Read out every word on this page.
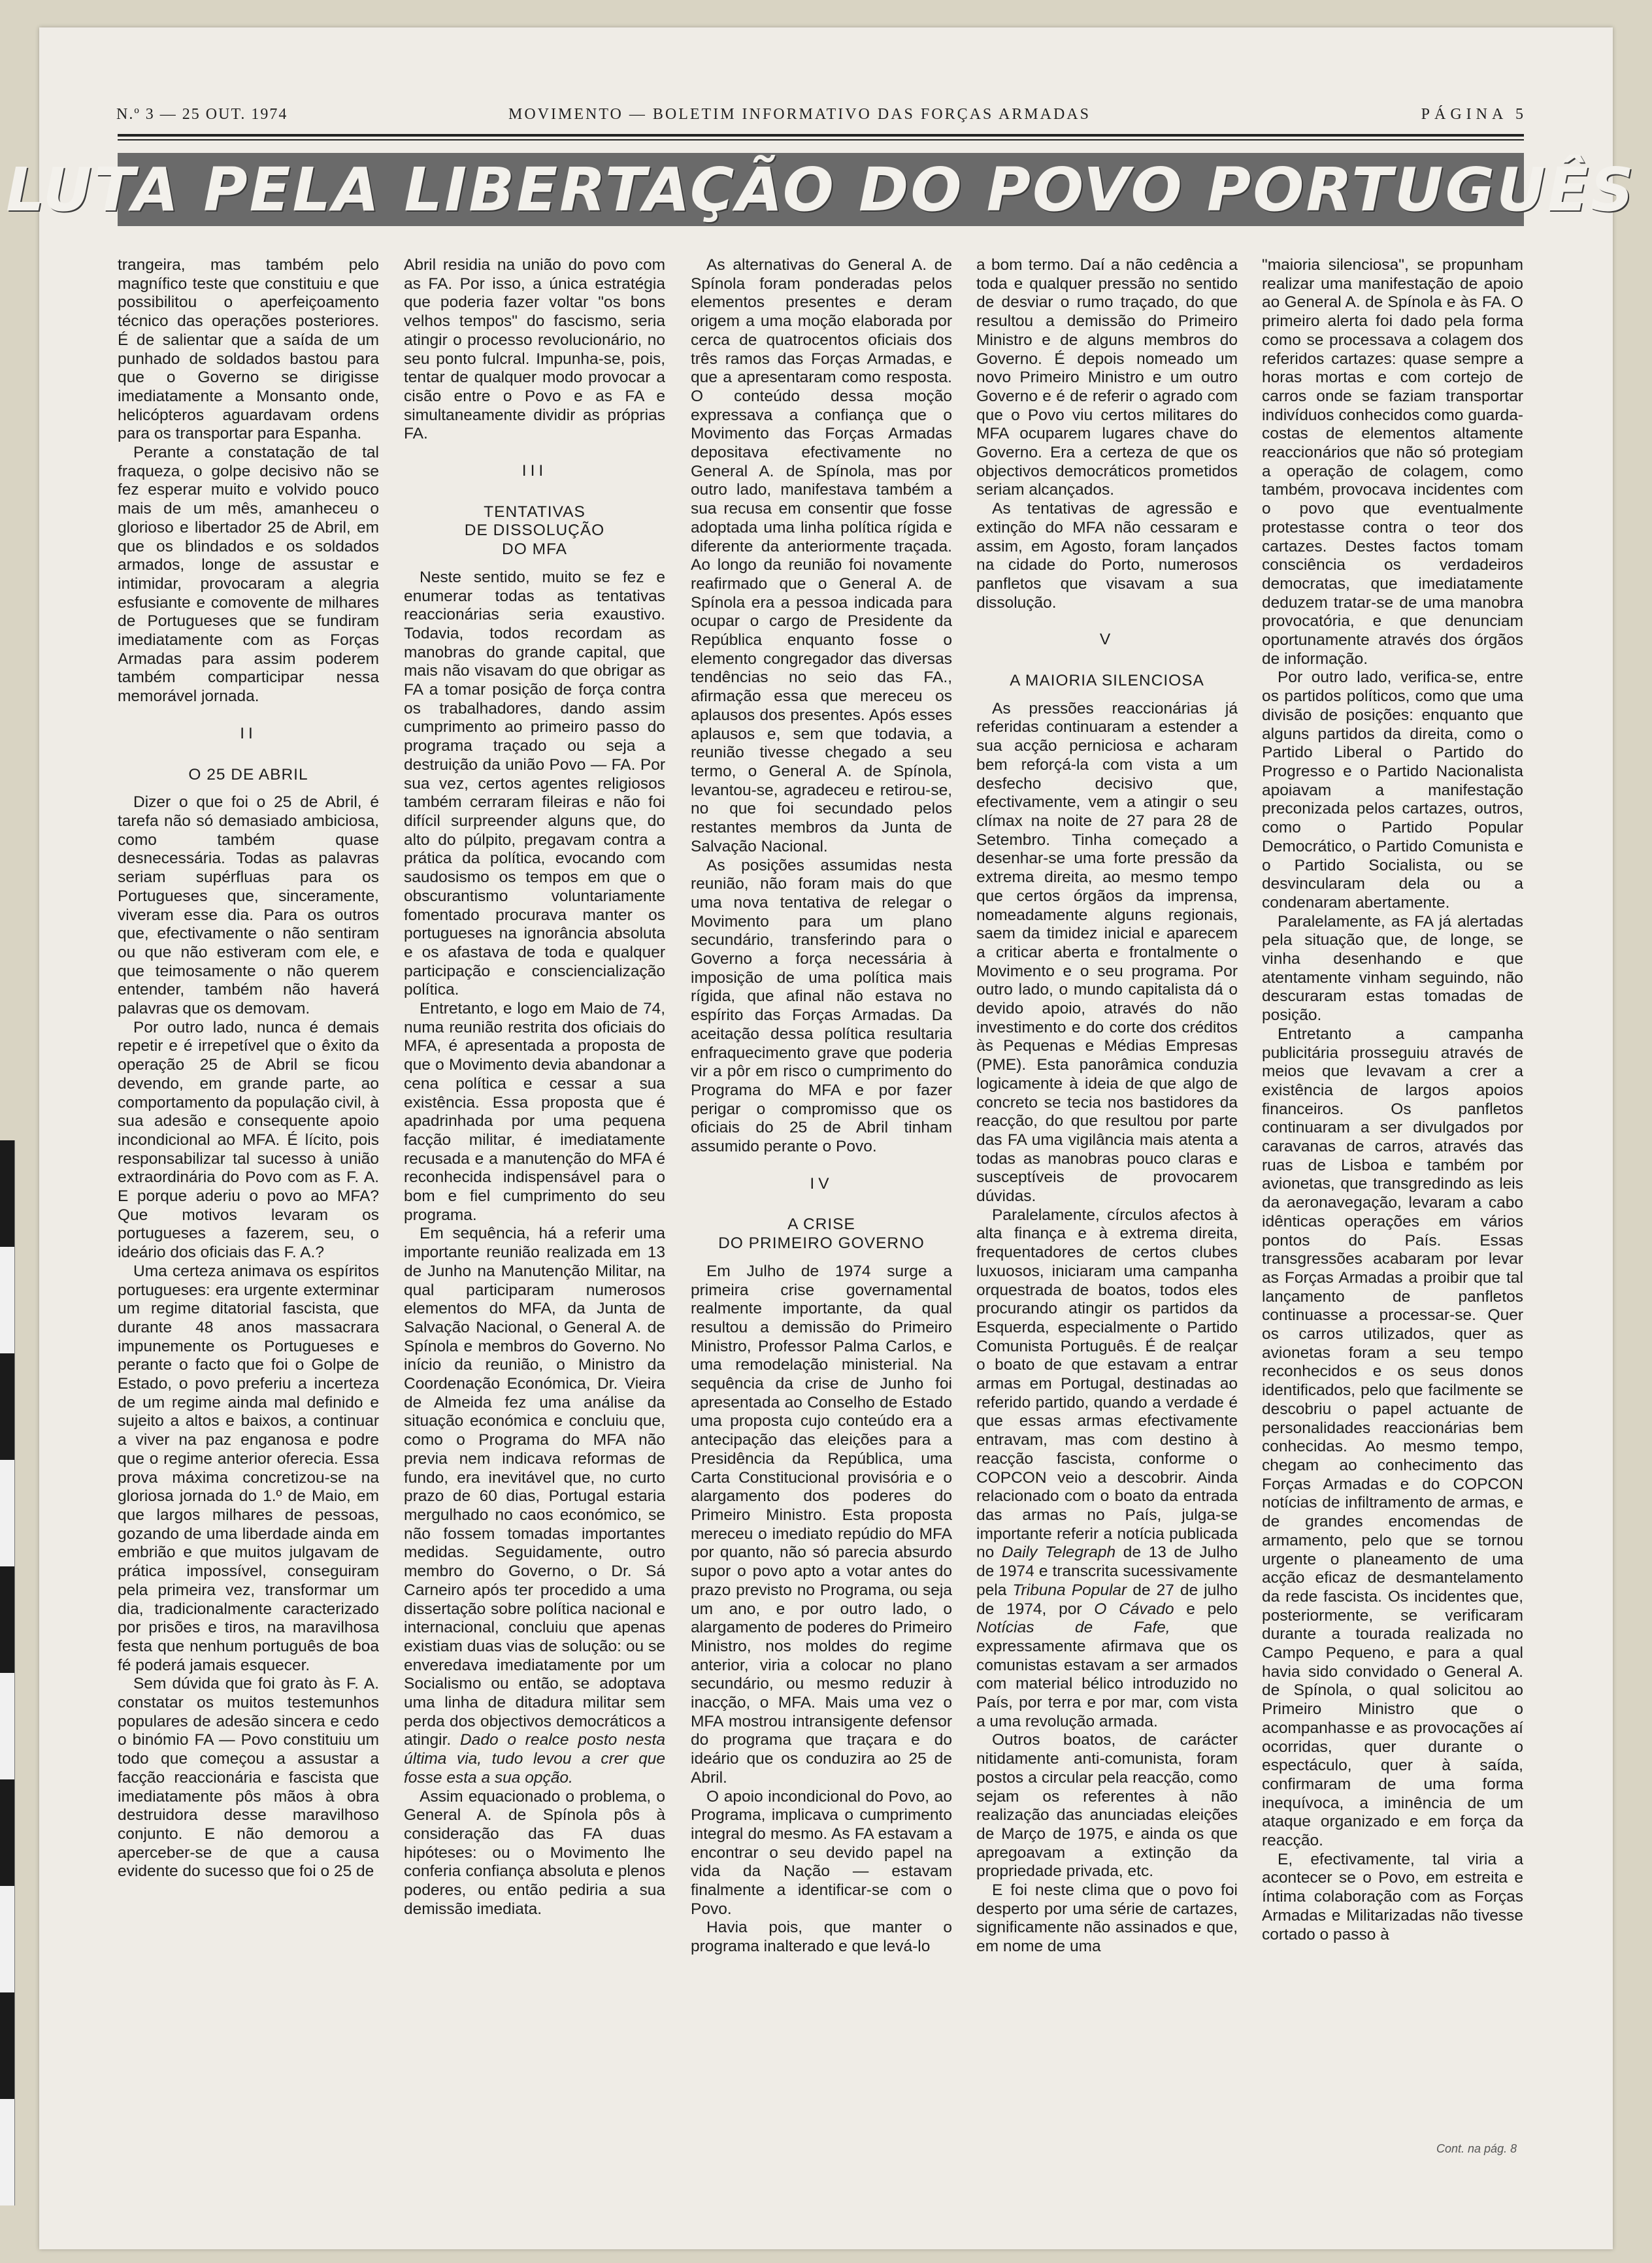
N.º 3 — 25 OUT. 1974	MOVIMENTO — BOLETIM INFORMATIVO DAS FORÇAS ARMADAS	PÁGINA 5
LUTA PELA LIBERTAÇÃO DO POVO PORTUGUÊS

trangeira, mas também pelo magnífico teste que constituiu e que possibilitou o aperfeiçoamento técnico das operações posteriores. É de salientar que a saída de um punhado de soldados bastou para que o Governo se dirigisse imediatamente a Monsanto onde, helicópteros aguardavam ordens para os transportar para Espanha.

Perante a constatação de tal fraqueza, o golpe decisivo não se fez esperar muito e volvido pouco mais de um mês, amanheceu o glorioso e libertador 25 de Abril, em que os blindados e os soldados armados, longe de assustar e intimidar, provocaram a alegria esfusiante e comovente de milhares de Portugueses que se fundiram imediatamente com as Forças Armadas para assim poderem também comparticipar nessa memorável jornada.

II
O 25 DE ABRIL

Dizer o que foi o 25 de Abril, é tarefa não só demasiado ambiciosa, como também quase desnecessária. Todas as palavras seriam supérfluas para os Portugueses que, sinceramente, viveram esse dia. Para os outros que, efectivamente o não sentiram ou que não estiveram com ele, e que teimosamente o não querem entender, também não haverá palavras que os demovam.

Por outro lado, nunca é demais repetir e é irrepetível que o êxito da operação 25 de Abril se ficou devendo, em grande parte, ao comportamento da população civil, à sua adesão e consequente apoio incondicional ao MFA. É lícito, pois responsabilizar tal sucesso à união extraordinária do Povo com as F. A. E porque aderiu o povo ao MFA? Que motivos levaram os portugueses a fazerem, seu, o ideário dos oficiais das F. A.?

Uma certeza animava os espíritos portugueses: era urgente exterminar um regime ditatorial fascista, que durante 48 anos massacrara impunemente os Portugueses e perante o facto que foi o Golpe de Estado, o povo preferiu a incerteza de um regime ainda mal definido e sujeito a altos e baixos, a continuar a viver na paz enganosa e podre que o regime anterior oferecia. Essa prova máxima concretizou-se na gloriosa jornada do 1.º de Maio, em que largos milhares de pessoas, gozando de uma liberdade ainda em embrião e que muitos julgavam de prática impossível, conseguiram pela primeira vez, transformar um dia, tradicionalmente caracterizado por prisões e tiros, na maravilhosa festa que nenhum português de boa fé poderá jamais esquecer.

Sem dúvida que foi grato às F. A. constatar os muitos testemunhos populares de adesão sincera e cedo o binómio FA — Povo constituiu um todo que começou a assustar a facção reaccionária e fascista que imediatamente pôs mãos à obra destruidora desse maravilhoso conjunto. E não demorou a aperceber-se de que a causa evidente do sucesso que foi o 25 de

Abril residia na união do povo com as FA. Por isso, a única estratégia que poderia fazer voltar "os bons velhos tempos" do fascismo, seria atingir o processo revolucionário, no seu ponto fulcral. Impunha-se, pois, tentar de qualquer modo provocar a cisão entre o Povo e as FA e simultaneamente dividir as próprias FA.

III
TENTATIVAS
DE DISSOLUÇÃO
DO MFA

Neste sentido, muito se fez e enumerar todas as tentativas reaccionárias seria exaustivo. Todavia, todos recordam as manobras do grande capital, que mais não visavam do que obrigar as FA a tomar posição de força contra os trabalhadores, dando assim cumprimento ao primeiro passo do programa traçado ou seja a destruição da união Povo — FA. Por sua vez, certos agentes religiosos também cerraram fileiras e não foi difícil surpreender alguns que, do alto do púlpito, pregavam contra a prática da política, evocando com saudosismo os tempos em que o obscurantismo voluntariamente fomentado procurava manter os portugueses na ignorância absoluta e os afastava de toda e qualquer participação e consciencialização política.

Entretanto, e logo em Maio de 74, numa reunião restrita dos oficiais do MFA, é apresentada a proposta de que o Movimento devia abandonar a cena política e cessar a sua existência. Essa proposta que é apadrinhada por uma pequena facção militar, é imediatamente recusada e a manutenção do MFA é reconhecida indispensável para o bom e fiel cumprimento do seu programa.

Em sequência, há a referir uma importante reunião realizada em 13 de Junho na Manutenção Militar, na qual participaram numerosos elementos do MFA, da Junta de Salvação Nacional, o General A. de Spínola e membros do Governo. No início da reunião, o Ministro da Coordenação Económica, Dr. Vieira de Almeida fez uma análise da situação económica e concluiu que, como o Programa do MFA não previa nem indicava reformas de fundo, era inevitável que, no curto prazo de 60 dias, Portugal estaria mergulhado no caos económico, se não fossem tomadas importantes medidas. Seguidamente, outro membro do Governo, o Dr. Sá Carneiro após ter procedido a uma dissertação sobre política nacional e internacional, concluiu que apenas existiam duas vias de solução: ou se enveredava imediatamente por um Socialismo ou então, se adoptava uma linha de ditadura militar sem perda dos objectivos democráticos a atingir. Dado o realce posto nesta última via, tudo levou a crer que fosse esta a sua opção.

Assim equacionado o problema, o General A. de Spínola pôs à consideração das FA duas hipóteses: ou o Movimento lhe conferia confiança absoluta e plenos poderes, ou então pediria a sua demissão imediata.

As alternativas do General A. de Spínola foram ponderadas pelos elementos presentes e deram origem a uma moção elaborada por cerca de quatrocentos oficiais dos três ramos das Forças Armadas, e que a apresentaram como resposta. O conteúdo dessa moção expressava a confiança que o Movimento das Forças Armadas depositava efectivamente no General A. de Spínola, mas por outro lado, manifestava também a sua recusa em consentir que fosse adoptada uma linha política rígida e diferente da anteriormente traçada. Ao longo da reunião foi novamente reafirmado que o General A. de Spínola era a pessoa indicada para ocupar o cargo de Presidente da República enquanto fosse o elemento congregador das diversas tendências no seio das FA., afirmação essa que mereceu os aplausos dos presentes. Após esses aplausos e, sem que todavia, a reunião tivesse chegado a seu termo, o General A. de Spínola, levantou-se, agradeceu e retirou-se, no que foi secundado pelos restantes membros da Junta de Salvação Nacional.

As posições assumidas nesta reunião, não foram mais do que uma nova tentativa de relegar o Movimento para um plano secundário, transferindo para o Governo a força necessária à imposição de uma política mais rígida, que afinal não estava no espírito das Forças Armadas. Da aceitação dessa política resultaria enfraquecimento grave que poderia vir a pôr em risco o cumprimento do Programa do MFA e por fazer perigar o compromisso que os oficiais do 25 de Abril tinham assumido perante o Povo.

IV
A CRISE
DO PRIMEIRO GOVERNO

Em Julho de 1974 surge a primeira crise governamental realmente importante, da qual resultou a demissão do Primeiro Ministro, Professor Palma Carlos, e uma remodelação ministerial. Na sequência da crise de Junho foi apresentada ao Conselho de Estado uma proposta cujo conteúdo era a antecipação das eleições para a Presidência da República, uma Carta Constitucional provisória e o alargamento dos poderes do Primeiro Ministro. Esta proposta mereceu o imediato repúdio do MFA por quanto, não só parecia absurdo supor o povo apto a votar antes do prazo previsto no Programa, ou seja um ano, e por outro lado, o alargamento de poderes do Primeiro Ministro, nos moldes do regime anterior, viria a colocar no plano secundário, ou mesmo reduzir à inacção, o MFA. Mais uma vez o MFA mostrou intransigente defensor do programa que traçara e do ideário que os conduzira ao 25 de Abril.

O apoio incondicional do Povo, ao Programa, implicava o cumprimento integral do mesmo. As FA estavam a encontrar o seu devido papel na vida da Nação — estavam finalmente a identificar-se com o Povo.

Havia pois, que manter o programa inalterado e que levá-lo

a bom termo. Daí a não cedência a toda e qualquer pressão no sentido de desviar o rumo traçado, do que resultou a demissão do Primeiro Ministro e de alguns membros do Governo. É depois nomeado um novo Primeiro Ministro e um outro Governo e é de referir o agrado com que o Povo viu certos militares do MFA ocuparem lugares chave do Governo. Era a certeza de que os objectivos democráticos prometidos seriam alcançados.

As tentativas de agressão e extinção do MFA não cessaram e assim, em Agosto, foram lançados na cidade do Porto, numerosos panfletos que visavam a sua dissolução.

V
A MAIORIA SILENCIOSA

As pressões reaccionárias já referidas continuaram a estender a sua acção perniciosa e acharam bem reforçá-la com vista a um desfecho decisivo que, efectivamente, vem a atingir o seu clímax na noite de 27 para 28 de Setembro. Tinha começado a desenhar-se uma forte pressão da extrema direita, ao mesmo tempo que certos órgãos da imprensa, nomeadamente alguns regionais, saem da timidez inicial e aparecem a criticar aberta e frontalmente o Movimento e o seu programa. Por outro lado, o mundo capitalista dá o devido apoio, através do não investimento e do corte dos créditos às Pequenas e Médias Empresas (PME). Esta panorâmica conduzia logicamente à ideia de que algo de concreto se tecia nos bastidores da reacção, do que resultou por parte das FA uma vigilância mais atenta a todas as manobras pouco claras e susceptíveis de provocarem dúvidas.

Paralelamente, círculos afectos à alta finança e à extrema direita, frequentadores de certos clubes luxuosos, iniciaram uma campanha orquestrada de boatos, todos eles procurando atingir os partidos da Esquerda, especialmente o Partido Comunista Português. É de realçar o boato de que estavam a entrar armas em Portugal, destinadas ao referido partido, quando a verdade é que essas armas efectivamente entravam, mas com destino à reacção fascista, conforme o COPCON veio a descobrir. Ainda relacionado com o boato da entrada das armas no País, julga-se importante referir a notícia publicada no Daily Telegraph de 13 de Julho de 1974 e transcrita sucessivamente pela Tribuna Popular de 27 de julho de 1974, por O Cávado e pelo Notícias de Fafe,	que expressamente afirmava que os comunistas estavam a ser armados com material bélico introduzido no País, por terra e por mar, com vista a uma revolução armada.

Outros boatos, de carácter nitidamente anti-comunista, foram postos a circular pela reacção, como sejam os referentes à não realização das anunciadas eleições de Março de 1975, e ainda os que apregoavam a extinção da propriedade privada, etc.

E foi neste clima que o povo foi desperto por uma série de cartazes, significamente não assinados e que, em nome de uma

"maioria silenciosa", se propunham realizar uma manifestação de apoio ao General A. de Spínola e às FA. O primeiro alerta foi dado pela forma como se processava a colagem dos referidos cartazes: quase sempre a horas mortas e com cortejo de carros onde se faziam transportar indivíduos conhecidos como guarda-costas de elementos altamente reaccionários que não só protegiam a operação de colagem, como também, provocava incidentes com o povo que eventualmente protestasse contra o teor dos cartazes. Destes factos tomam consciência os verdadeiros democratas, que imediatamente deduzem tratar-se de uma manobra provocatória, e que denunciam oportunamente através dos órgãos de informação.

Por outro lado, verifica-se, entre os partidos políticos, como que uma divisão de posições: enquanto que alguns partidos da direita, como o Partido Liberal o Partido do Progresso e o Partido Nacionalista apoiavam a manifestação preconizada pelos cartazes, outros, como o Partido Popular Democrático, o Partido Comunista e o Partido Socialista, ou se desvincularam dela ou a condenaram abertamente.

Paralelamente, as FA já alertadas pela situação que, de longe, se vinha desenhando e que atentamente vinham seguindo, não descuraram estas tomadas de posição.

Entretanto a campanha publicitária prosseguiu através de meios que levavam a crer a existência de largos apoios financeiros. Os panfletos continuaram a ser divulgados por caravanas de carros, através das ruas de Lisboa e também por avionetas, que transgredindo as leis da aeronavegação, levaram a cabo idênticas operações em vários pontos do País. Essas transgressões acabaram por levar as Forças Armadas a proibir que tal lançamento de panfletos continuasse a processar-se. Quer os carros utilizados, quer as avionetas foram a seu tempo reconhecidos e os seus donos identificados, pelo que facilmente se descobriu o papel actuante de personalidades reaccionárias bem conhecidas. Ao mesmo tempo, chegam ao conhecimento das Forças Armadas e do COPCON notícias de infiltramento de armas, e de grandes encomendas de armamento, pelo que se tornou urgente o planeamento de uma acção eficaz de desmantelamento da rede fascista. Os incidentes que, posteriormente, se verificaram durante a tourada realizada no Campo Pequeno, e para a qual havia sido convidado o General A. de Spínola, o qual solicitou ao Primeiro Ministro que o acompanhasse e as provocações aí ocorridas, quer durante o espectáculo, quer à saída, confirmaram de uma forma inequívoca, a iminência de um ataque organizado e em força da reacção.

E, efectivamente, tal viria a acontecer se o Povo, em estreita e íntima colaboração com as Forças Armadas e Militarizadas não tivesse cortado o passo à

Cont. na pág. 8
